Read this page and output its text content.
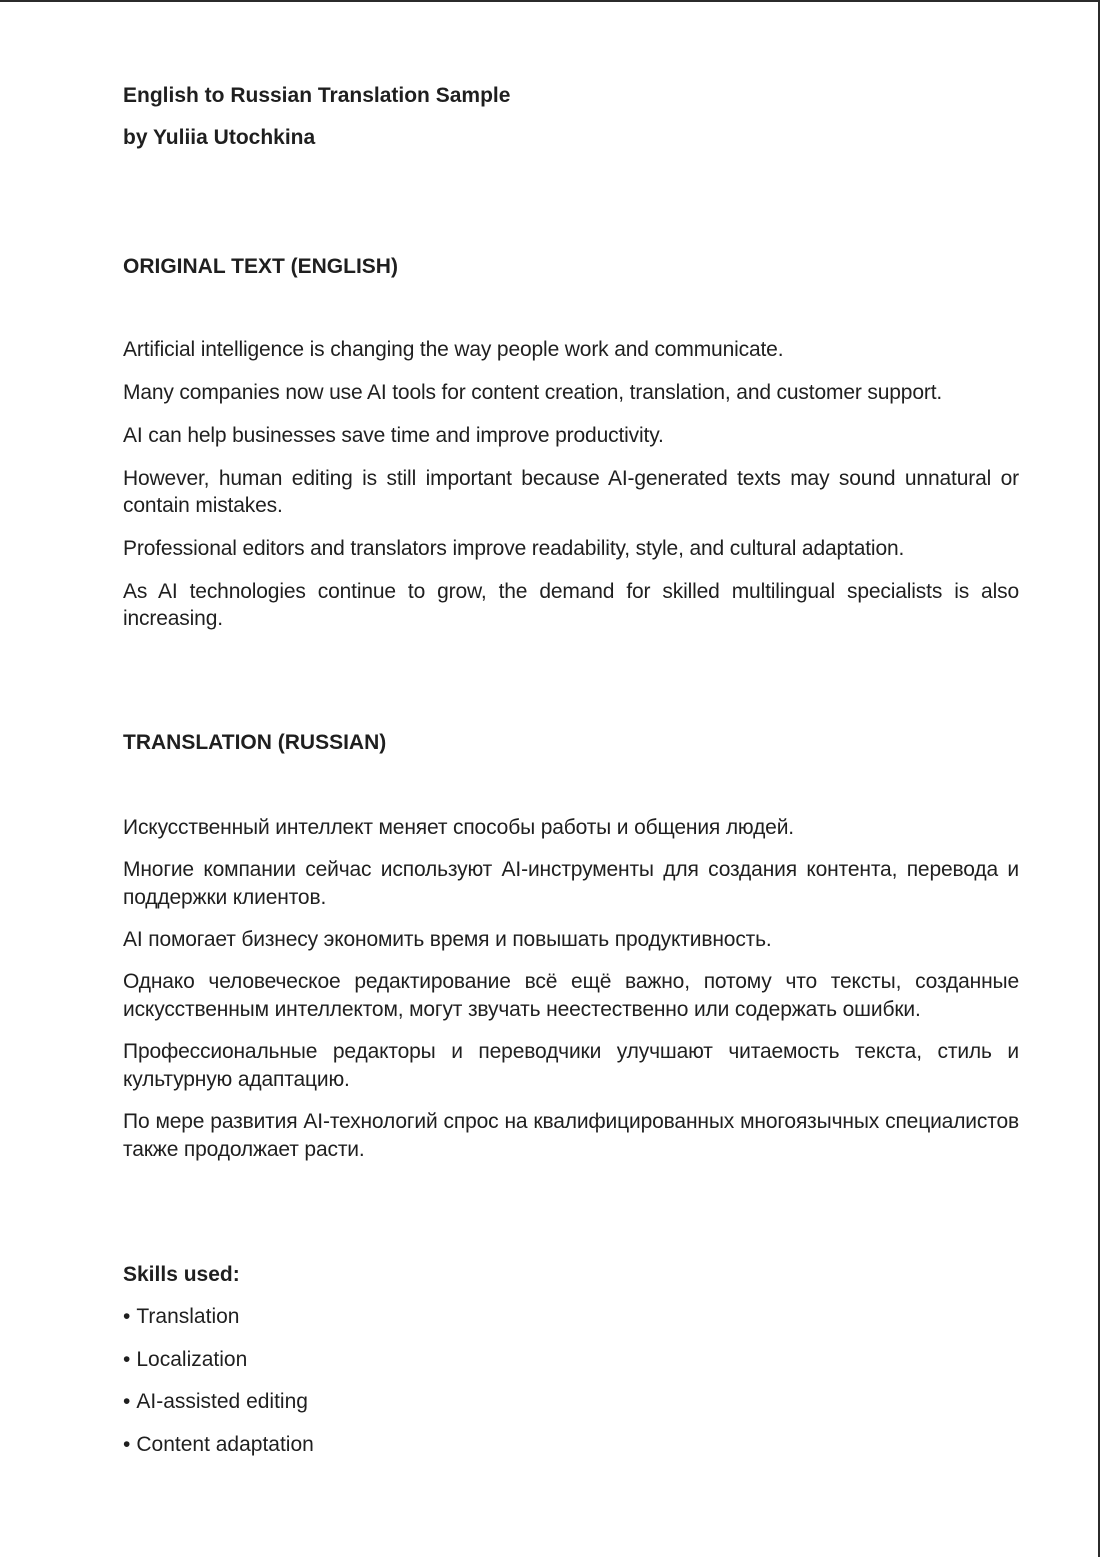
English to Russian Translation Sample

by Yuliia Utochkina

ORIGINAL TEXT (ENGLISH)

Artificial intelligence is changing the way people work and communicate.

Many companies now use AI tools for content creation, translation, and customer support.

AI can help businesses save time and improve productivity.

However, human editing is still important because AI-generated texts may sound unnatural or contain mistakes.

Professional editors and translators improve readability, style, and cultural adaptation.

As AI technologies continue to grow, the demand for skilled multilingual specialists is also increasing.

TRANSLATION (RUSSIAN)

Искусственный интеллект меняет способы работы и общения людей.

Многие компании сейчас используют AI-инструменты для создания контента, перевода и поддержки клиентов.

AI помогает бизнесу экономить время и повышать продуктивность.

Однако человеческое редактирование всё ещё важно, потому что тексты, созданные искусственным интеллектом, могут звучать неестественно или содержать ошибки.

Профессиональные редакторы и переводчики улучшают читаемость текста, стиль и культурную адаптацию.

По мере развития AI-технологий спрос на квалифицированных многоязычных специалистов также продолжает расти.

Skills used:

• Translation
• Localization
• AI-assisted editing
• Content adaptation
